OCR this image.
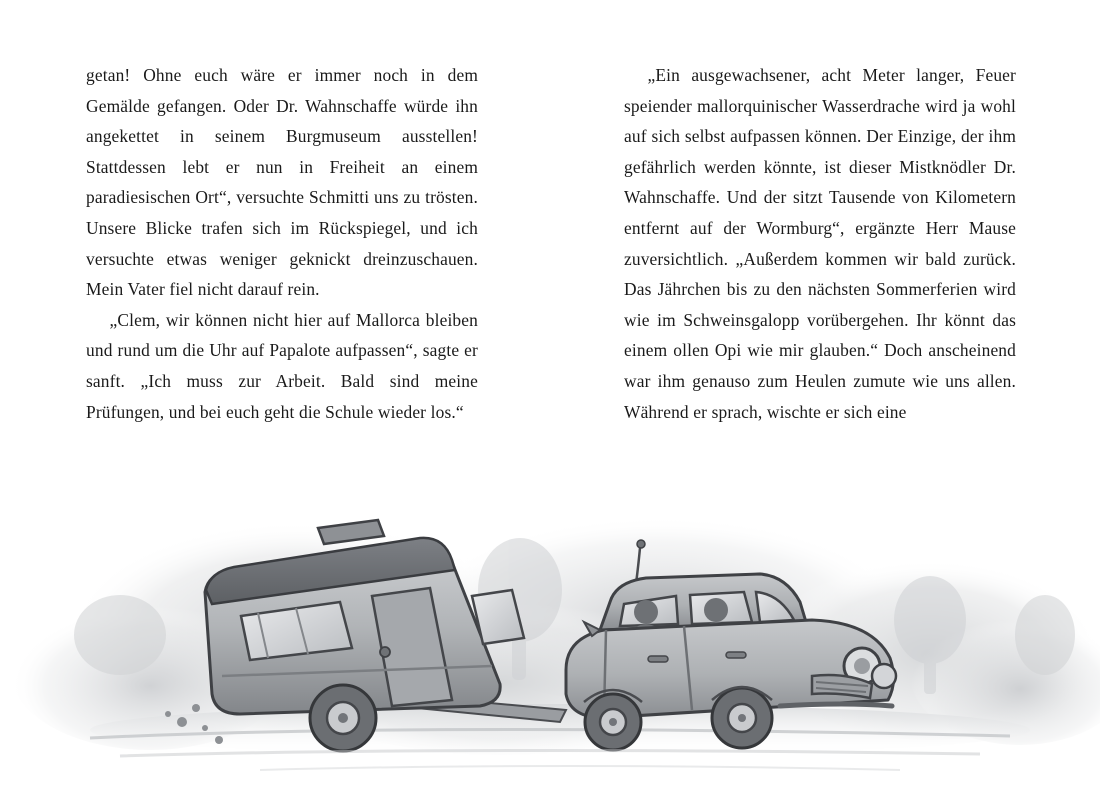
getan! Ohne euch wäre er immer noch in dem Gemälde gefangen. Oder Dr. Wahnschaffe würde ihn angekettet in seinem Burgmuseum ausstellen! Stattdessen lebt er nun in Freiheit an einem paradiesischen Ort“, versuchte Schmitti uns zu trösten. Unsere Blicke trafen sich im Rückspiegel, und ich versuchte etwas weniger geknickt dreinzuschauen. Mein Vater fiel nicht darauf rein.

„Clem, wir können nicht hier auf Mallorca bleiben und rund um die Uhr auf Papalote aufpassen“, sagte er sanft. „Ich muss zur Arbeit. Bald sind meine Prüfungen, und bei euch geht die Schule wieder los.“

„Ein ausgewachsener, acht Meter langer, Feuer speiender mallorquinischer Wasserdrache wird ja wohl auf sich selbst aufpassen können. Der Einzige, der ihm gefährlich werden könnte, ist dieser Mistknödler Dr. Wahnschaffe. Und der sitzt Tausende von Kilometern entfernt auf der Wormburg“, ergänzte Herr Mause zuversichtlich. „Außerdem kommen wir bald zurück. Das Jährchen bis zu den nächsten Sommerferien wird wie im Schweinsgalopp vorübergehen. Ihr könnt das einem ollen Opi wie mir glauben.“ Doch anscheinend war ihm genauso zum Heulen zumute wie uns allen. Während er sprach, wischte er sich eine
